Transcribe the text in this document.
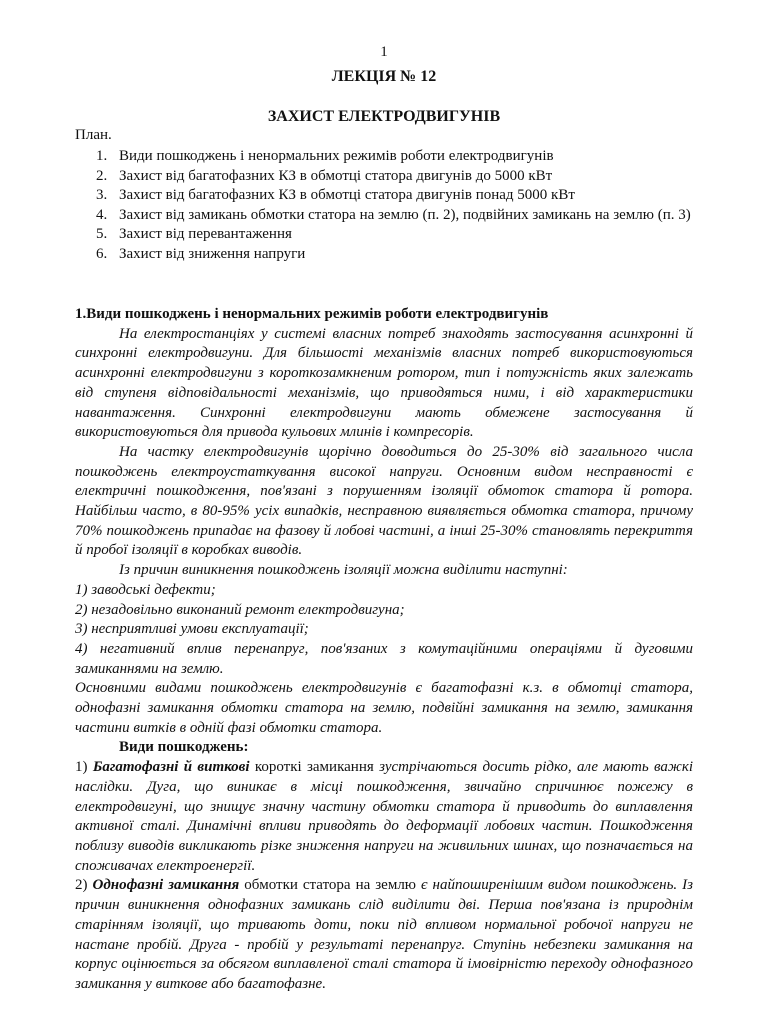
1
ЛЕКЦІЯ № 12
ЗАХИСТ ЕЛЕКТРОДВИГУНІВ
План.
1. Види пошкоджень і ненормальних режимів роботи електродвигунів
2. Захист від багатофазних КЗ в обмотці статора двигунів до 5000 кВт
3. Захист від багатофазних КЗ в обмотці статора двигунів понад 5000 кВт
4. Захист від замикань обмотки статора на землю (п. 2), подвійних замикань на землю (п. 3)
5. Захист від перевантаження
6. Захист від зниження напруги

1.Види пошкоджень і ненормальних режимів роботи електродвигунів

На електростанціях у системі власних потреб знаходять застосування асинхронні й синхронні електродвигуни. Для більшості механізмів власних потреб використовуються асинхронні електродвигуни з короткозамкненим ротором, тип і потужність яких залежать від ступеня відповідальності механізмів, що приводяться ними, і від характеристики навантаження. Синхронні електродвигуни мають обмежене застосування й використовуються для привода кульових млинів і компресорів.

На частку електродвигунів щорічно доводиться до 25-30% від загального числа пошкоджень електроустаткування високої напруги. Основним видом несправності є електричні пошкодження, пов'язані з порушенням ізоляції обмоток статора й ротора. Найбільш часто, в 80-95% усіх випадків, несправною виявляється обмотка статора, причому 70% пошкоджень припадає на фазову й лобові частині, а інші 25-30% становлять перекриття й пробої ізоляції в коробках виводів.

Із причин виникнення пошкоджень ізоляції можна виділити наступні:

1) заводські дефекти;

2) незадовільно виконаний ремонт електродвигуна;

3) несприятливі умови експлуатації;

4) негативний вплив перенапруг, пов'язаних з комутаційними операціями й дуговими замиканнями на землю.

Основними видами пошкоджень електродвигунів є багатофазні к.з. в обмотці статора, однофазні замикання обмотки статора на землю, подвійні замикання на землю, замикання частини витків в одній фазі обмотки статора.

Види пошкоджень:

1) Багатофазні й виткові короткі замикання зустрічаються досить рідко, але мають важкі наслідки. Дуга, що виникає в місці пошкодження, звичайно спричинює пожежу в електродвигуні, що знищує значну частину обмотки статора й приводить до виплавлення активної сталі. Динамічні впливи приводять до деформації лобових частин. Пошкодження поблизу виводів викликають різке зниження напруги на живильних шинах, що позначається на споживачах електроенергії.

2) Однофазні замикання обмотки статора на землю є найпоширенішим видом пошкоджень. Із причин виникнення однофазних замикань слід виділити дві. Перша пов'язана із природнім старінням ізоляції, що тривають доти, поки під впливом нормальної робочої напруги не настане пробій. Друга - пробій у результаті перенапруг. Ступінь небезпеки замикання на корпус оцінюється за обсягом виплавленої сталі статора й імовірністю переходу однофазного замикання у виткове або багатофазне.
